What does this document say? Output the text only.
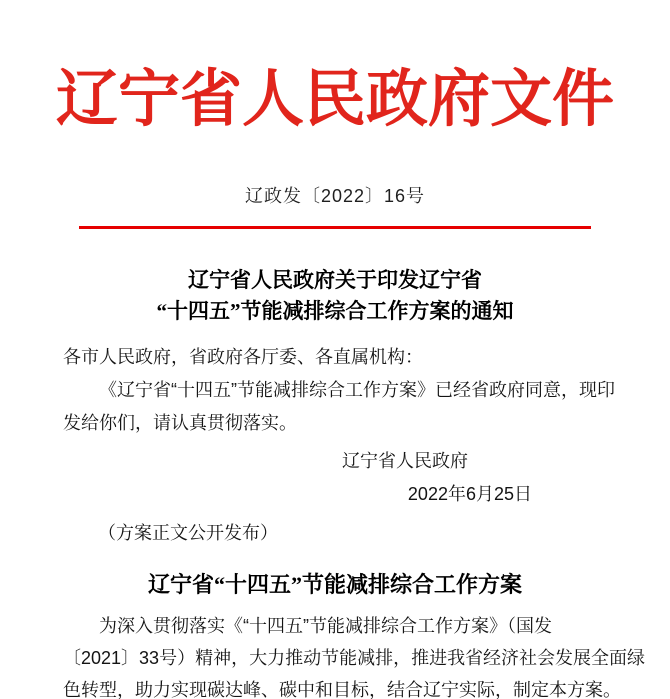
辽宁省人民政府文件
辽政发〔2022〕16号
辽宁省人民政府关于印发辽宁省
“十四五”节能减排综合工作方案的通知
各市人民政府，省政府各厅委、各直属机构：
《辽宁省“十四五”节能减排综合工作方案》已经省政府同意，现印
发给你们，请认真贯彻落实。
辽宁省人民政府
2022年6月25日
（方案正文公开发布）
辽宁省“十四五”节能减排综合工作方案
为深入贯彻落实《“十四五”节能减排综合工作方案》（国发
〔2021〕33号）精神，大力推动节能减排，推进我省经济社会发展全面绿
色转型，助力实现碳达峰、碳中和目标，结合辽宁实际，制定本方案。
